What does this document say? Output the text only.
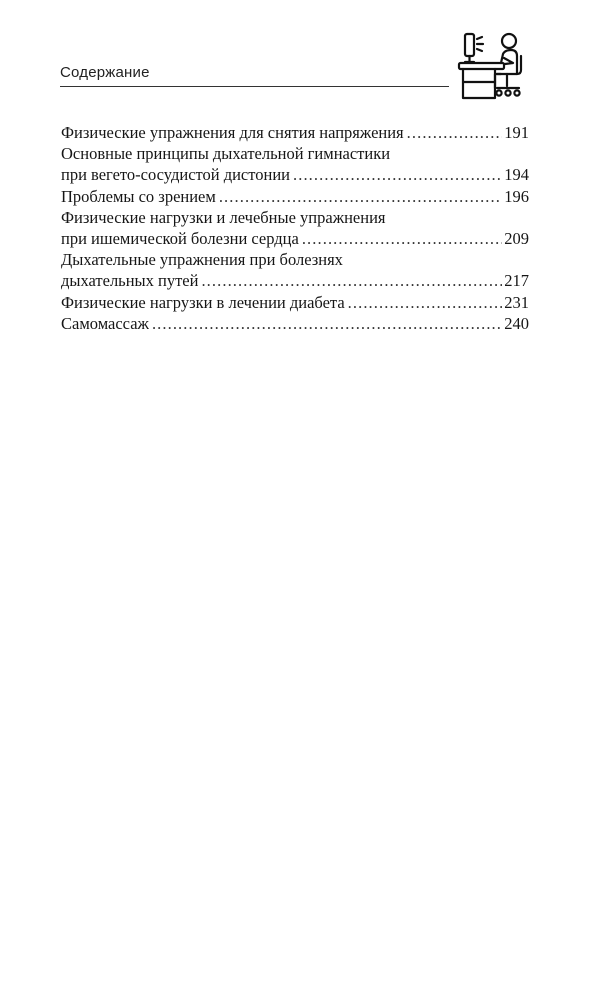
Содержание
Физические упражнения для снятия напряжения .....	191
Основные принципы дыхательной гимнастики
при вегето-сосудистой дистонии .....	194
Проблемы со зрением .....	196
Физические нагрузки и лечебные упражнения
при ишемической болезни сердца .....	209
Дыхательные упражнения при болезнях
дыхательных путей .....	217
Физические нагрузки в лечении диабета .....	231
Самомассаж .....	240
